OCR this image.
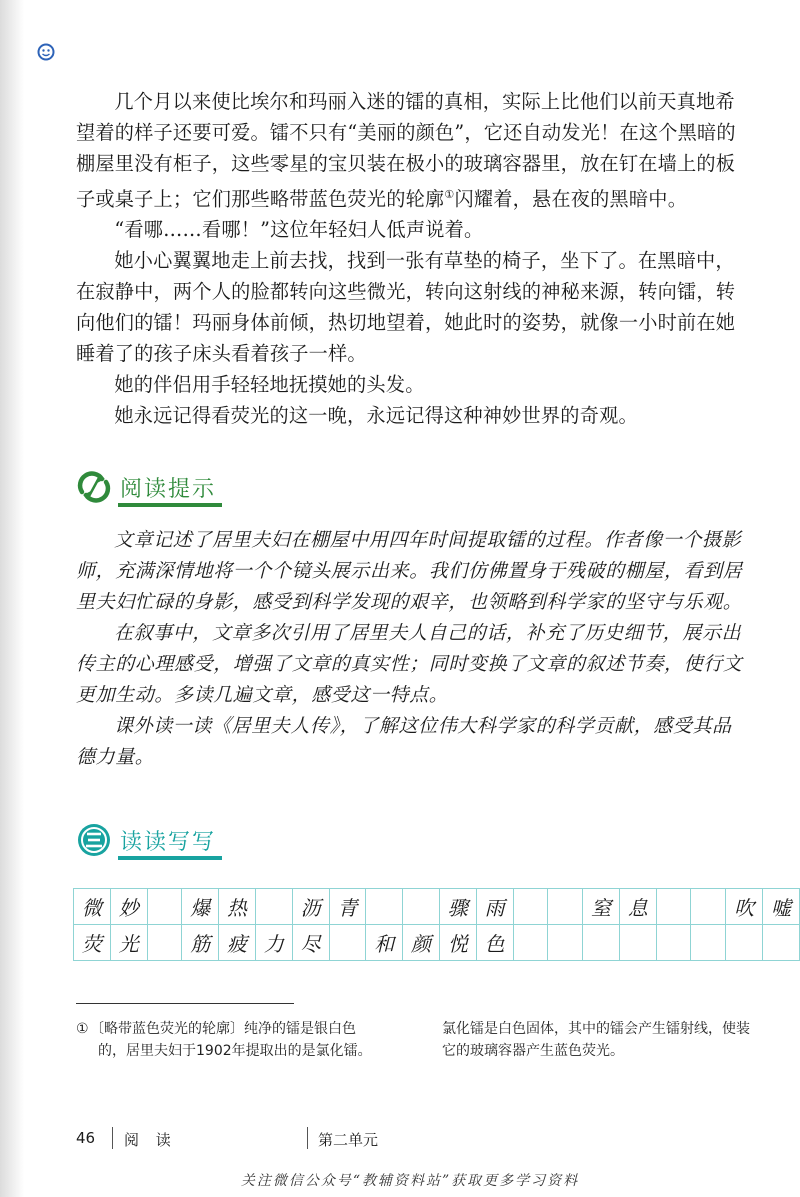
几个月以来使比埃尔和玛丽入迷的镭的真相，实际上比他们以前天真地希望着的样子还要可爱。镭不只有“美丽的颜色”，它还自动发光！在这个黑暗的棚屋里没有柜子，这些零星的宝贝装在极小的玻璃容器里，放在钉在墙上的板子或桌子上；它们那些略带蓝色荧光的轮廓①闪耀着，悬在夜的黑暗中。

“看哪……看哪！”这位年轻妇人低声说着。

她小心翼翼地走上前去找，找到一张有草垫的椅子，坐下了。在黑暗中，在寂静中，两个人的脸都转向这些微光，转向这射线的神秘来源，转向镭，转向他们的镭！玛丽身体前倾，热切地望着，她此时的姿势，就像一小时前在她睡着了的孩子床头看着孩子一样。

她的伴侣用手轻轻地抚摸她的头发。

她永远记得看荧光的这一晚，永远记得这种神妙世界的奇观。

阅读提示

文章记述了居里夫妇在棚屋中用四年时间提取镭的过程。作者像一个摄影师，充满深情地将一个个镜头展示出来。我们仿佛置身于残破的棚屋，看到居里夫妇忙碌的身影，感受到科学发现的艰辛，也领略到科学家的坚守与乐观。

在叙事中，文章多次引用了居里夫人自己的话，补充了历史细节，展示出传主的心理感受，增强了文章的真实性；同时变换了文章的叙述节奏，使行文更加生动。多读几遍文章，感受这一特点。

课外读一读《居里夫人传》，了解这位伟大科学家的科学贡献，感受其品德力量。

读读写写
微	妙		爆	热		沥	青			骤	雨			窒	息			吹	嘘
荧	光		筋	疲	力	尽		和	颜	悦	色								
①〔略带蓝色荧光的轮廓〕纯净的镭是银白色
的，居里夫妇于1902年提取出的是氯化镭。
氯化镭是白色固体，其中的镭会产生镭射线，使装它的玻璃容器产生蓝色荧光。
46	阅 读	第二单元
关注微信公众号“教辅资料站”获取更多学习资料
